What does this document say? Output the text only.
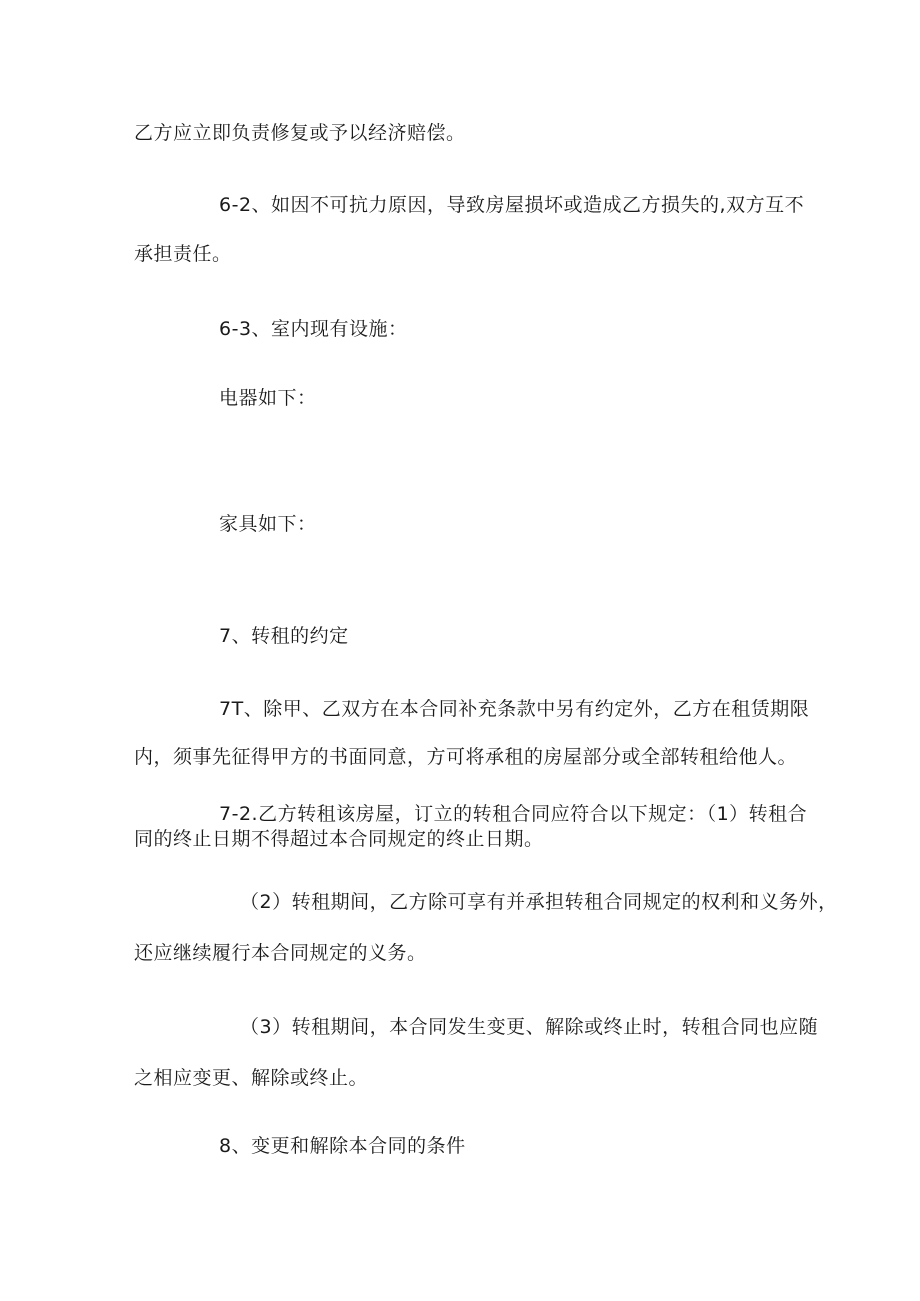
乙方应立即负责修复或予以经济赔偿。
6-2、如因不可抗力原因，导致房屋损坏或造成乙方损失的,双方互不
承担责任。
6-3、室内现有设施：
电器如下：
家具如下：
7、转租的约定
7T、除甲、乙双方在本合同补充条款中另有约定外，乙方在租赁期限
内，须事先征得甲方的书面同意，方可将承租的房屋部分或全部转租给他人。
7-2.乙方转租该房屋，订立的转租合同应符合以下规定：（1）转租合
同的终止日期不得超过本合同规定的终止日期。
（2）转租期间，乙方除可享有并承担转租合同规定的权利和义务外，
还应继续履行本合同规定的义务。
（3）转租期间，本合同发生变更、解除或终止时，转租合同也应随
之相应变更、解除或终止。
8、变更和解除本合同的条件
